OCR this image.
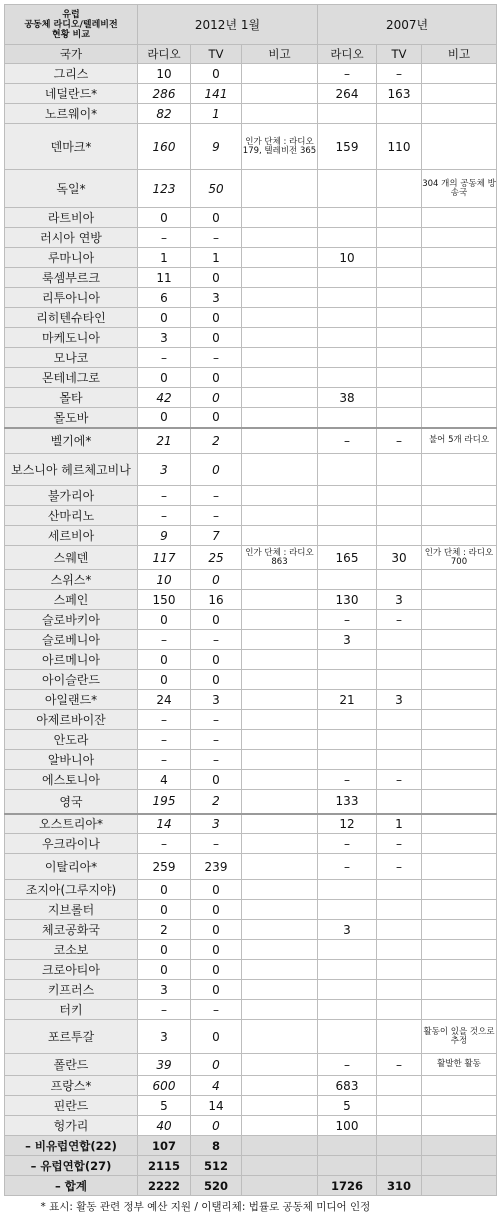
유럽
공동체 라디오/텔레비전
현황 비교	2012년 1월			2007년		
국가	라디오	TV	비고	라디오	TV	비고
그리스	10	0		–	–	
네덜란드*	286	141		264	163	
노르웨이*	82	1				
덴마크*	160	9	인가 단체 : 라디오 179, 텔레비전 365	159	110	
독일*	123	50				304 개의 공동체 방송국
라트비아	0	0				
러시아 연방	–	–				
루마니아	1	1		10		
룩셈부르크	11	0				
리투아니아	6	3				
리히텐슈타인	0	0				
마케도니아	3	0				
모나코	–	–				
몬테네그로	0	0				
몰타	42	0		38		
몰도바	0	0				
벨기에*	21	2		–	–	불어 5개 라디오
보스니아 헤르체고비나	3	0				
불가리아	–	–				
산마리노	–	–				
세르비아	9	7				
스웨덴	117	25	인가 단체 : 라디오 863	165	30	인가 단체 : 라디오 700
스위스*	10	0				
스페인	150	16		130	3	
슬로바키아	0	0		–	–	
슬로베니아	–	–		3		
아르메니아	0	0				
아이슬란드	0	0				
아일랜드*	24	3		21	3	
아제르바이잔	–	–				
안도라	–	–				
알바니아	–	–				
에스토니아	4	0		–	–	
영국	195	2		133		
오스트리아*	14	3		12	1	
우크라이나	–	–		–	–	
이탈리아*	259	239		–	–	
조지아(그루지야)	0	0				
지브롤터	0	0				
체코공화국	2	0		3		
코소보	0	0				
크로아티아	0	0				
키프러스	3	0				
터키	–	–				
포르투갈	3	0				활동이 있을 것으로 추정
폴란드	39	0		–	–	활발한 활동
프랑스*	600	4		683		
핀란드	5	14		5		
헝가리	40	0		100		
– 비유럽연합(22)	107	8				
– 유럽연합(27)	2115	512				
– 합계	2222	520		1726	310	
* 표시: 활동 관련 정부 예산 지원 / 이탤리체: 법률로 공동체 미디어 인정						
